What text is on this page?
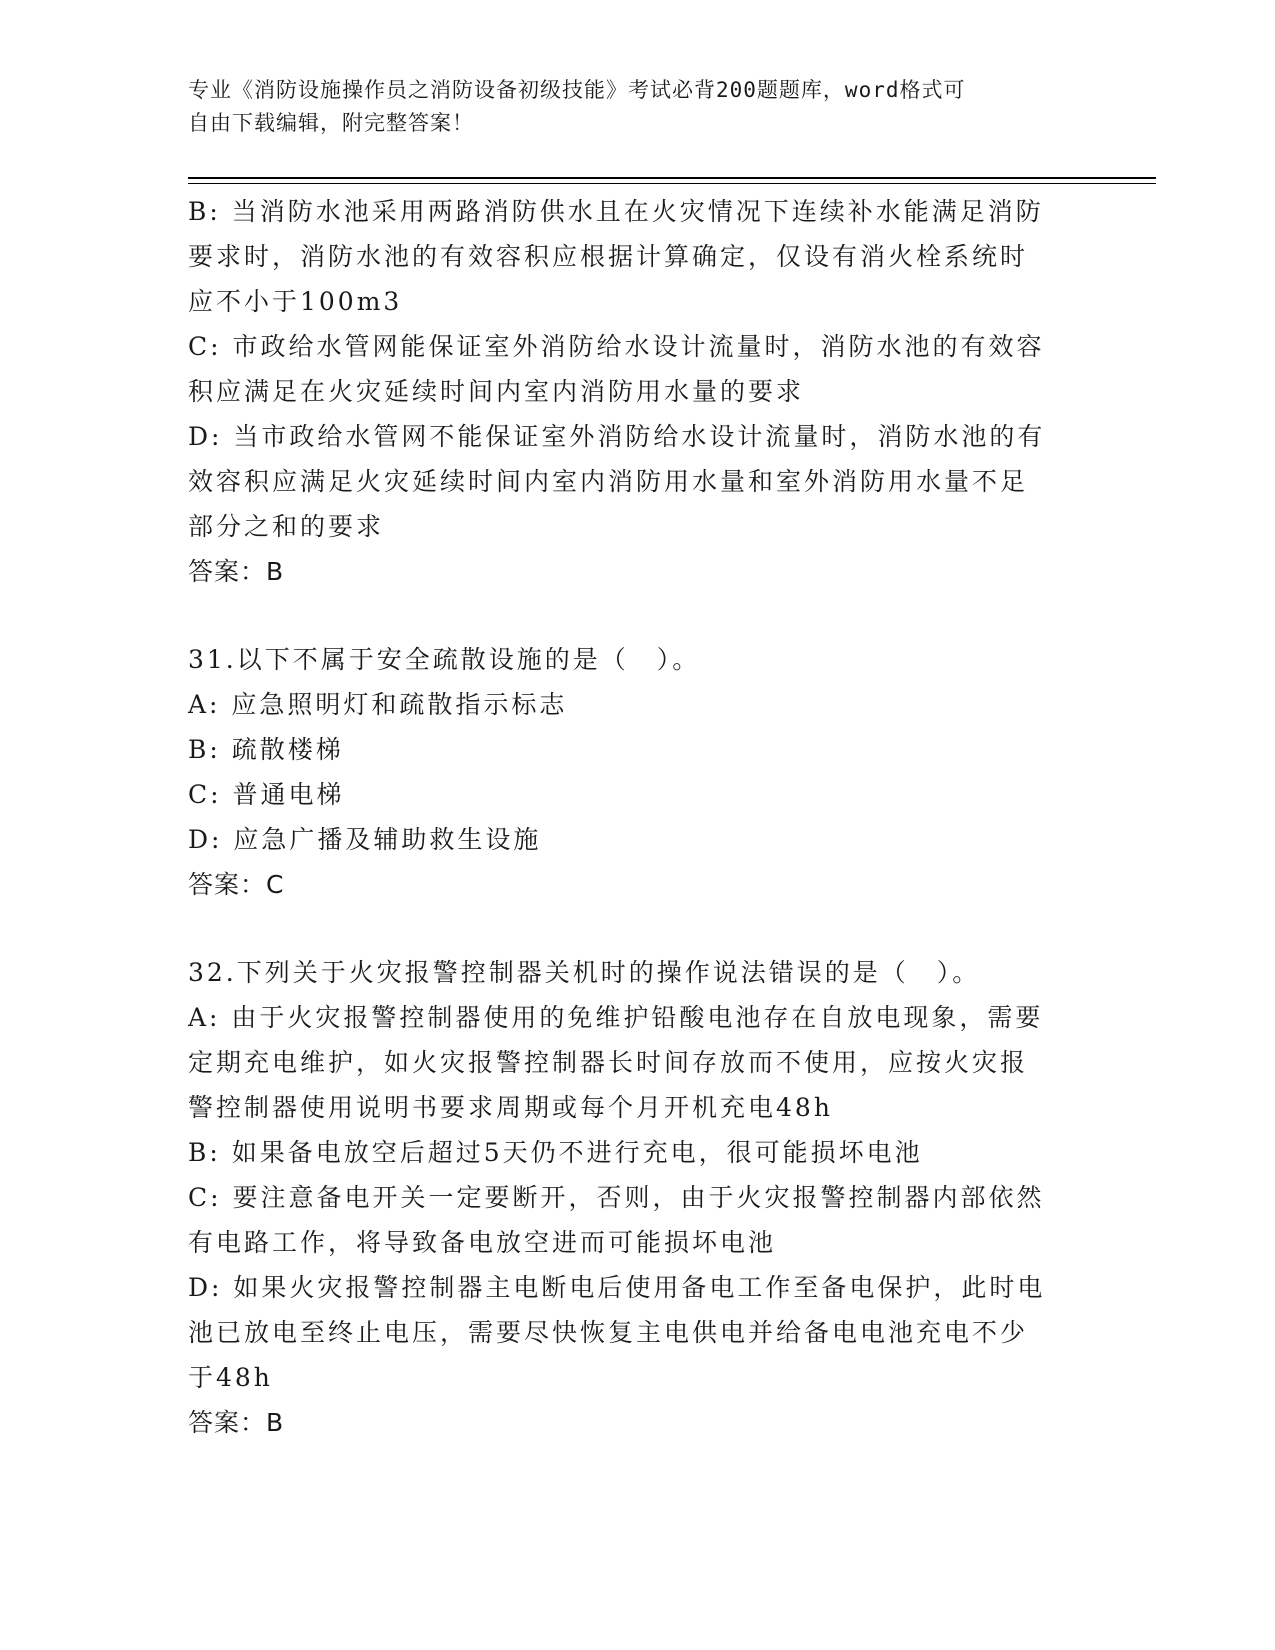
专业《消防设施操作员之消防设备初级技能》考试必背200题题库，word格式可
自由下载编辑，附完整答案！
B: 当消防水池采用两路消防供水且在火灾情况下连续补水能满足消防
要求时，消防水池的有效容积应根据计算确定，仅设有消火栓系统时
应不小于100m3
C: 市政给水管网能保证室外消防给水设计流量时，消防水池的有效容
积应满足在火灾延续时间内室内消防用水量的要求
D: 当市政给水管网不能保证室外消防给水设计流量时，消防水池的有
效容积应满足火灾延续时间内室内消防用水量和室外消防用水量不足
部分之和的要求
答案：B
31.以下不属于安全疏散设施的是（　）。
A: 应急照明灯和疏散指示标志
B: 疏散楼梯
C: 普通电梯
D: 应急广播及辅助救生设施
答案：C
32.下列关于火灾报警控制器关机时的操作说法错误的是（　）。
A: 由于火灾报警控制器使用的免维护铅酸电池存在自放电现象，需要
定期充电维护，如火灾报警控制器长时间存放而不使用，应按火灾报
警控制器使用说明书要求周期或每个月开机充电48h
B: 如果备电放空后超过5天仍不进行充电，很可能损坏电池
C: 要注意备电开关一定要断开，否则，由于火灾报警控制器内部依然
有电路工作，将导致备电放空进而可能损坏电池
D: 如果火灾报警控制器主电断电后使用备电工作至备电保护，此时电
池已放电至终止电压，需要尽快恢复主电供电并给备电电池充电不少
于48h
答案：B
